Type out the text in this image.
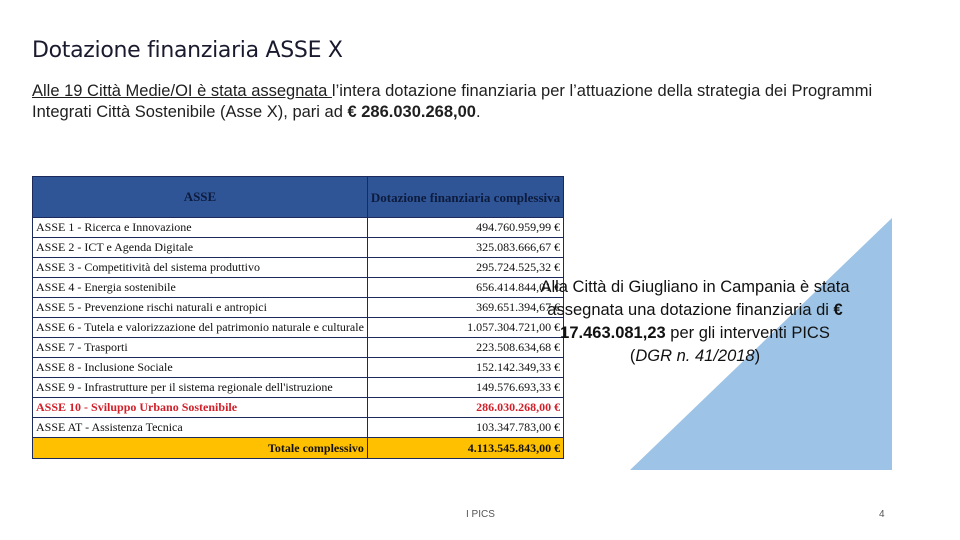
Dotazione finanziaria ASSE X
Alle 19 Città Medie/OI è stata assegnata l’intera dotazione finanziaria per l’attuazione della strategia dei Programmi Integrati Città Sostenibile (Asse X), pari ad € 286.030.268,00.
ASSE	Dotazione finanziaria complessiva
ASSE 1 - Ricerca e Innovazione	494.760.959,99 €
ASSE 2 - ICT e Agenda Digitale	325.083.666,67 €
ASSE 3 - Competitività del sistema produttivo	295.724.525,32 €
ASSE 4 - Energia sostenibile	656.414.844,01 €
ASSE 5 - Prevenzione rischi naturali e antropici	369.651.394,67 €
ASSE 6 - Tutela e valorizzazione del patrimonio naturale e culturale	1.057.304.721,00 €
ASSE 7 - Trasporti	223.508.634,68 €
ASSE 8 - Inclusione Sociale	152.142.349,33 €
ASSE 9 - Infrastrutture per il sistema regionale dell'istruzione	149.576.693,33 €
ASSE 10 - Sviluppo Urbano Sostenibile	286.030.268,00 €
ASSE AT - Assistenza Tecnica	103.347.783,00 €
Totale complessivo	4.113.545.843,00 €
Alla Città di Giugliano in Campania è stata assegnata una dotazione finanziaria di € 17.463.081,23 per gli interventi PICS
(DGR n. 41/2018)
I PICS	4
